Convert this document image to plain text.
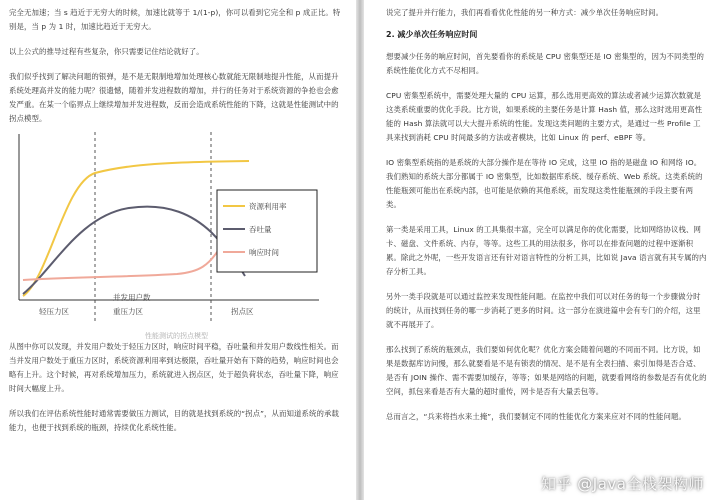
完全无加速；当 s 趋近于无穷大的时候，加速比就等于 1/(1-p)，你可以看到它完全和 p 成正比。特别是，当 p 为 1 时，加速比趋近于无穷大。

以上公式的推导过程有些复杂，你只需要记住结论就好了。

我们似乎找到了解决问题的银弹，是不是无限制地增加处理核心数就能无限制地提升性能，从而提升系统处理高并发的能力呢？很遗憾，随着并发进程数的增加，并行的任务对于系统资源的争抢也会愈发严重。在某一个临界点上继续增加并发进程数，反而会造成系统性能的下降，这就是性能测试中的拐点模型。

资源利用率
吞吐量
响应时间
轻压力区
并发用户数
重压力区	拐点区
性能测试的拐点模型

从图中你可以发现，并发用户数处于轻压力区时，响应时间平稳，吞吐量和并发用户数线性相关。而当并发用户数处于重压力区时，系统资源利用率到达极限，吞吐量开始有下降的趋势，响应时间也会略有上升。这个时候，再对系统增加压力，系统就进入拐点区，处于超负荷状态，吞吐量下降，响应时间大幅度上升。

所以我们在评估系统性能时通常需要做压力测试，目的就是找到系统的“拐点”，从而知道系统的承载能力，也便于找到系统的瓶颈，持续优化系统性能。

说完了提升并行能力，我们再看看优化性能的另一种方式：减少单次任务响应时间。

2. 减少单次任务响应时间

想要减少任务的响应时间，首先要看你的系统是 CPU 密集型还是 IO 密集型的，因为不同类型的系统性能优化方式不尽相同。

CPU 密集型系统中，需要处理大量的 CPU 运算，那么选用更高效的算法或者减少运算次数就是这类系统重要的优化手段。比方说，如果系统的主要任务是计算 Hash 值，那么这时选用更高性能的 Hash 算法就可以大大提升系统的性能。发现这类问题的主要方式，是通过一些 Profile 工具来找到消耗 CPU 时间最多的方法或者模块，比如 Linux 的 perf、eBPF 等。

IO 密集型系统指的是系统的大部分操作是在等待 IO 完成，这里 IO 指的是磁盘 IO 和网络 IO。我们熟知的系统大部分都属于 IO 密集型，比如数据库系统、缓存系统、Web 系统。这类系统的性能瓶颈可能出在系统内部，也可能是依赖的其他系统，而发现这类性能瓶颈的手段主要有两类。

第一类是采用工具，Linux 的工具集很丰富，完全可以满足你的优化需要，比如网络协议栈、网卡、磁盘、文件系统、内存，等等。这些工具的用法很多，你可以在排查问题的过程中逐渐积累。除此之外呢，一些开发语言还有针对语言特性的分析工具，比如说 Java 语言就有其专属的内存分析工具。

另外一类手段就是可以通过监控来发现性能问题。在监控中我们可以对任务的每一个步骤做分时的统计，从而找到任务的哪一步消耗了更多的时间。这一部分在演进篇中会有专门的介绍，这里就不再展开了。

那么找到了系统的瓶颈点，我们要如何优化呢？优化方案会随着问题的不同而不同。比方说，如果是数据库访问慢，那么就要看是不是有锁表的情况、是不是有全表扫描、索引加得是否合适、是否有 JOIN 操作、需不需要加缓存，等等；如果是网络的问题，就要看网络的参数是否有优化的空间，抓包来看是否有大量的超时重传，网卡是否有大量丢包等。

总而言之，“兵来将挡水来土掩”，我们要制定不同的性能优化方案来应对不同的性能问题。

知乎 @Java全栈架构师
